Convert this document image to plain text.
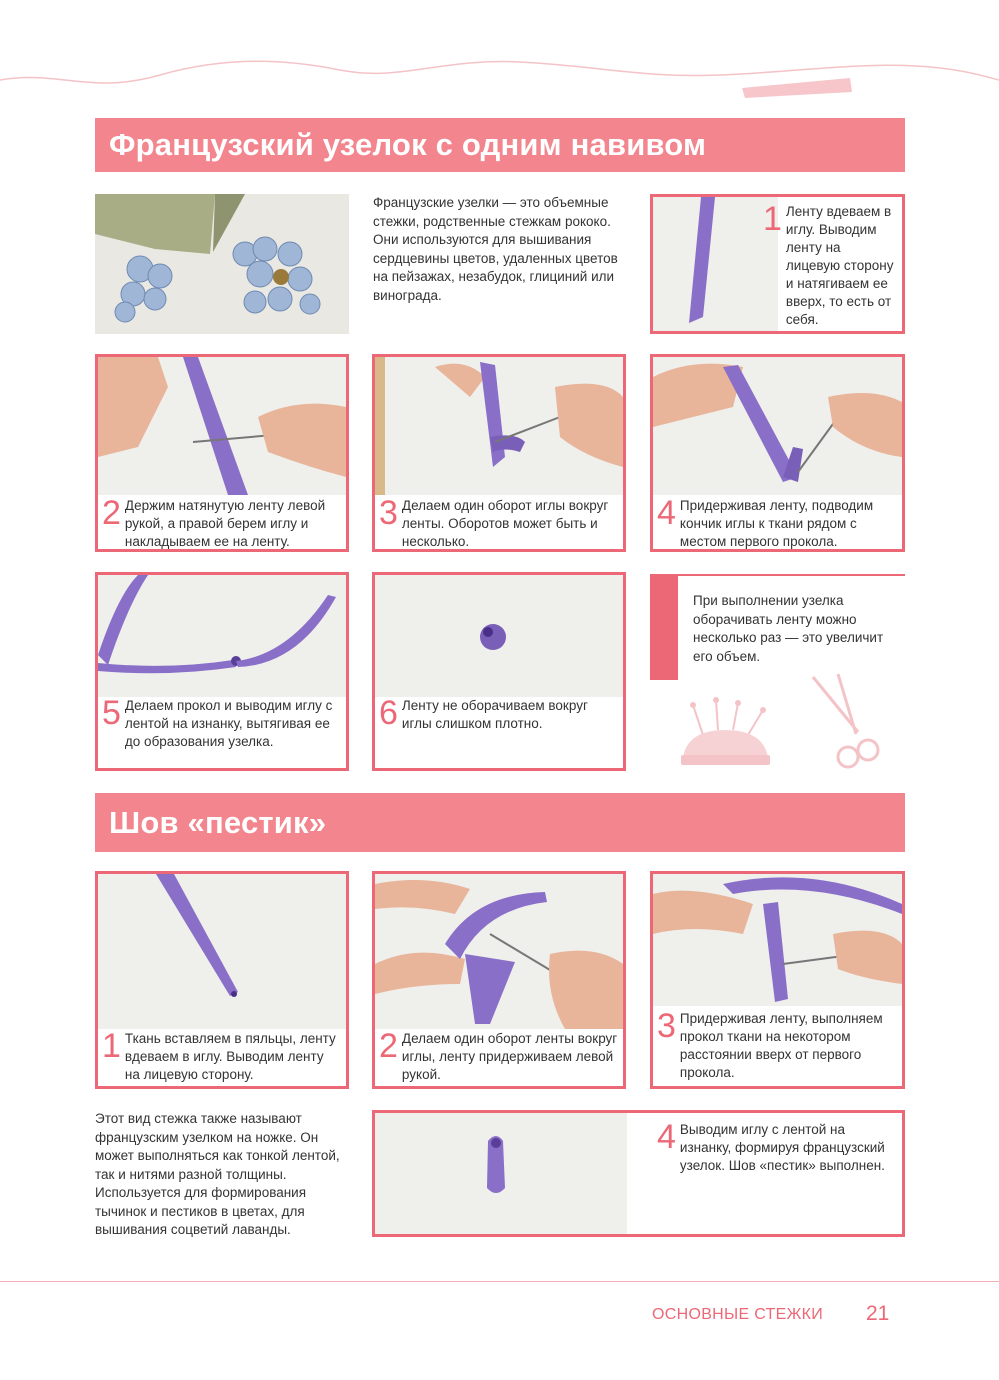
Французский узелок с одним навивом
Французские узелки — это объемные стежки, родственные стежкам рококо. Они используются для вышивания сердцевины цветов, удаленных цветов на пейзажах, незабудок, глициний или винограда.
1 Ленту вдеваем в иглу. Выводим ленту на лицевую сторону и натягиваем ее вверх, то есть от себя.
2 Держим натянутую ленту левой рукой, а правой берем иглу и накладываем ее на ленту.
3 Делаем один оборот иглы вокруг ленты. Оборотов может быть и несколько.
4 Придерживая ленту, подводим кончик иглы к ткани рядом с местом первого прокола.
5 Делаем прокол и выводим иглу с лентой на изнанку, вытягивая ее до образования узелка.
6 Ленту не оборачиваем вокруг иглы слишком плотно.
При выполнении узелка оборачивать ленту можно несколько раз — это увеличит его объем.
Шов «пестик»
1 Ткань вставляем в пяльцы, ленту вдеваем в иглу. Выводим ленту на лицевую сторону.
2 Делаем один оборот ленты вокруг иглы, ленту придерживаем левой рукой.
3 Придерживая ленту, выполняем прокол ткани на некотором расстоянии вверх от первого прокола.
Этот вид стежка также называют французским узелком на ножке. Он может выполняться как тонкой лентой, так и нитями разной толщины. Используется для формирования тычинок и пестиков в цветах, для вышивания соцветий лаванды.
4 Выводим иглу с лентой на изнанку, формируя французский узелок. Шов «пестик» выполнен.
ОСНОВНЫЕ СТЕЖКИ 21
